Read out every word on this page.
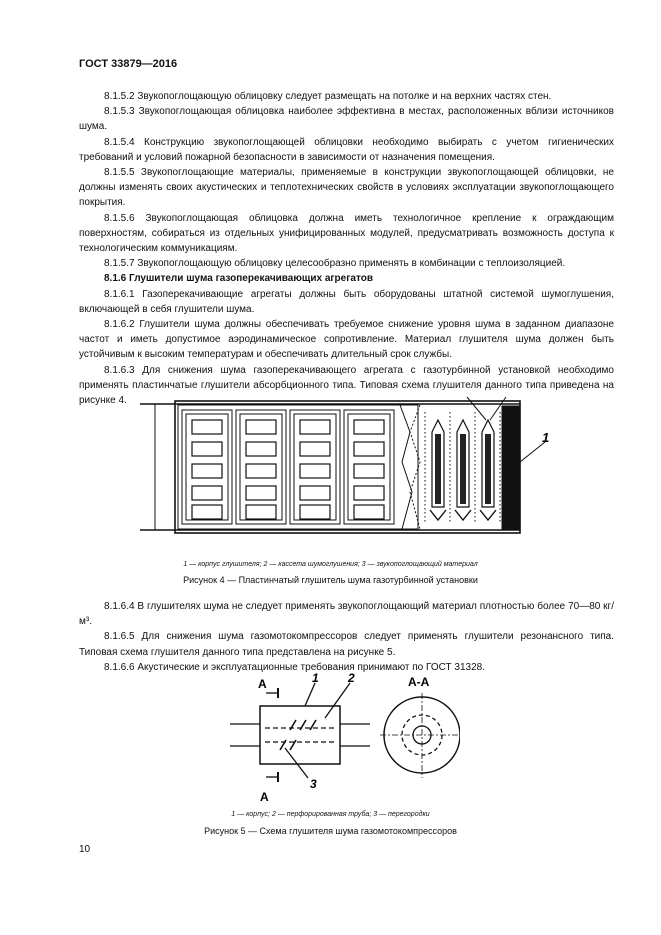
ГОСТ 33879—2016

8.1.5.2 Звукопоглощающую облицовку следует размещать на потолке и на верхних частях стен.

8.1.5.3 Звукопоглощающая облицовка наиболее эффективна в местах, расположенных вблизи источников шума.

8.1.5.4 Конструкцию звукопоглощающей облицовки необходимо выбирать с учетом гигиенических требований и условий пожарной безопасности в зависимости от назначения помещения.

8.1.5.5 Звукопоглощающие материалы, применяемые в конструкции звукопоглощающей облицовки, не должны изменять своих акустических и теплотехнических свойств в условиях эксплуатации звукопоглощающего покрытия.

8.1.5.6 Звукопоглощающая облицовка должна иметь технологичное крепление к ограждающим поверхностям, собираться из отдельных унифицированных модулей, предусматривать возможность доступа к технологическим коммуникациям.

8.1.5.7 Звукопоглощающую облицовку целесообразно применять в комбинации с теплоизоляцией.

8.1.6 Глушители шума газоперекачивающих агрегатов

8.1.6.1 Газоперекачивающие агрегаты должны быть оборудованы штатной системой шумоглушения, включающей в себя глушители шума.

8.1.6.2 Глушители шума должны обеспечивать требуемое снижение уровня шума в заданном диапазоне частот и иметь допустимое аэродинамическое сопротивление. Материал глушителя шума должен быть устойчивым к высоким температурам и обеспечивать длительный срок службы.

8.1.6.3 Для снижения шума газоперекачивающего агрегата с газотурбинной установкой необходимо применять пластинчатые глушители абсорбционного типа. Типовая схема глушителя данного типа приведена на рисунке 4.

1
1 — корпус глушителя; 2 — кассета шумоглушения; 3 — звукопоглощающий материал
Рисунок 4 — Пластинчатый глушитель шума газотурбинной установки

8.1.6.4 В глушителях шума не следует применять звукопоглощающий материал плотностью более 70—80 кг/м³.

8.1.6.5 Для снижения шума газомотокомпрессоров следует применять глушители резонансного типа. Типовая схема глушителя данного типа представлена на рисунке 5.

8.1.6.6 Акустические и эксплуатационные требования принимают по ГОСТ 31328.

А
А
1 2
3
А-А
1 — корпус; 2 — перфорированная труба; 3 — перегородки
Рисунок 5 — Схема глушителя шума газомотокомпрессоров
10
